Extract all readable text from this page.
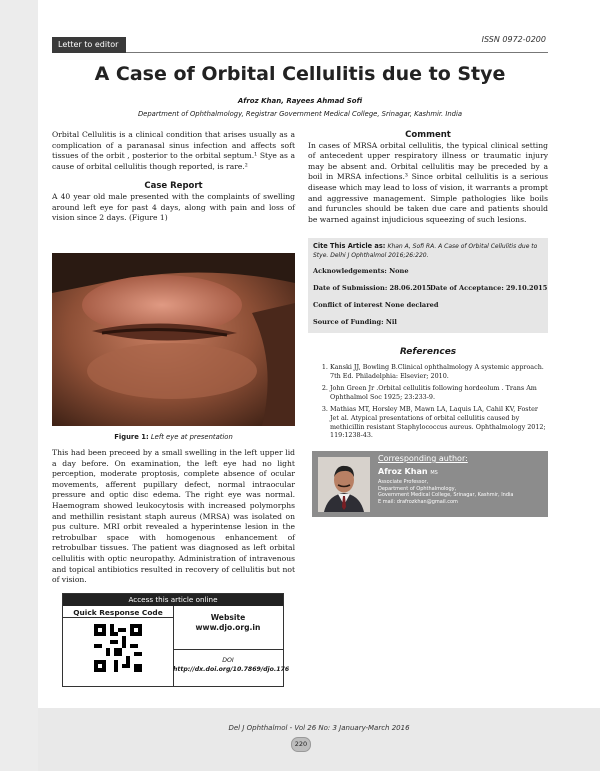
Letter to editor
ISSN 0972-0200
A Case of Orbital Cellulitis due to Stye
Afroz Khan, Rayees Ahmad Sofi
Department of Ophthalmology, Registrar Government Medical College, Srinagar, Kashmir. India

Orbital Cellulitis is a clinical condition that arises usually as a complication of a paranasal sinus infection and affects soft tissues of the orbit , posterior to the orbital septum.¹ Stye as a cause of orbital cellulitis though reported, is rare.²

Case Report

A 40 year old male presented with the complaints of swelling around left eye for past 4 days, along with pain and loss of vision since 2 days. (Figure 1)

Figure 1: Left eye at presentation

This had been preceed by a small swelling in the left upper lid a day before. On examination, the left eye had no light perception, moderate proptosis, complete absence of ocular movements, afferent pupillary defect, normal intraocular pressure and optic disc edema. The right eye was normal. Haemogram showed leukocytosis with increased polymorphs and methillin resistant staph aureus (MRSA) was isolated on pus culture. MRI orbit revealed a hyperintense lesion in the retrobulbar space with homogenous enhancement of retrobulbar tissues. The patient was diagnosed as left orbital cellulitis with optic neuropathy. Administration of intravenous and topical antibiotics resulted in recovery of cellulitis but not of vision.

Access this article online
Quick Response Code
Website
www.djo.org.in
DOI
http://dx.doi.org/10.7869/djo.176

Comment

In cases of MRSA orbital cellulitis, the typical clinical setting of antecedent upper respiratory illness or traumatic injury may be absent and. Orbital cellulitis may be preceded by a boil in MRSA infections.³ Since orbital cellulitis is a serious disease which may lead to loss of vision, it warrants a prompt and aggressive management. Simple pathologies like boils and furuncles should be taken due care and patients should be warned against injudicious squeezing of such lesions.

Cite This Article as: Khan A, Sofi RA. A Case of Orbital Cellulitis due to Stye. Delhi J Ophthalmol 2016;26:220.
Acknowledgements: None
Date of Submission: 28.06.2015 Date of Acceptance: 29.10.2015
Conflict of interest None declared
Source of Funding: Nil

References

1. Kanski JJ, Bowling B.Clinical ophthalmology A systemic approach. 7th Ed. Philadelphia: Elsevier; 2010.
2. John Green Jr .Orbital cellulitis following hordeolum . Trans Am Ophthalmol Soc 1925; 23:233-9.
3. Mathias MT, Horsley MB, Mawn LA, Laquis LA, Cahil KV, Foster Jet al. Atypical presentations of orbital cellulitis caused by methicillin resistant Staphylococcus aureus. Ophthalmology 2012; 119:1238-43.
Corresponding author:
Afroz Khan MS
Associate Professor,
Department of Ophthalmology,
Government Medical College, Srinagar, Kashmir, India
E mail: drafrozkhan@gmail.com
Del J Ophthalmol - Vol 26 No: 3 January-March 2016
220
